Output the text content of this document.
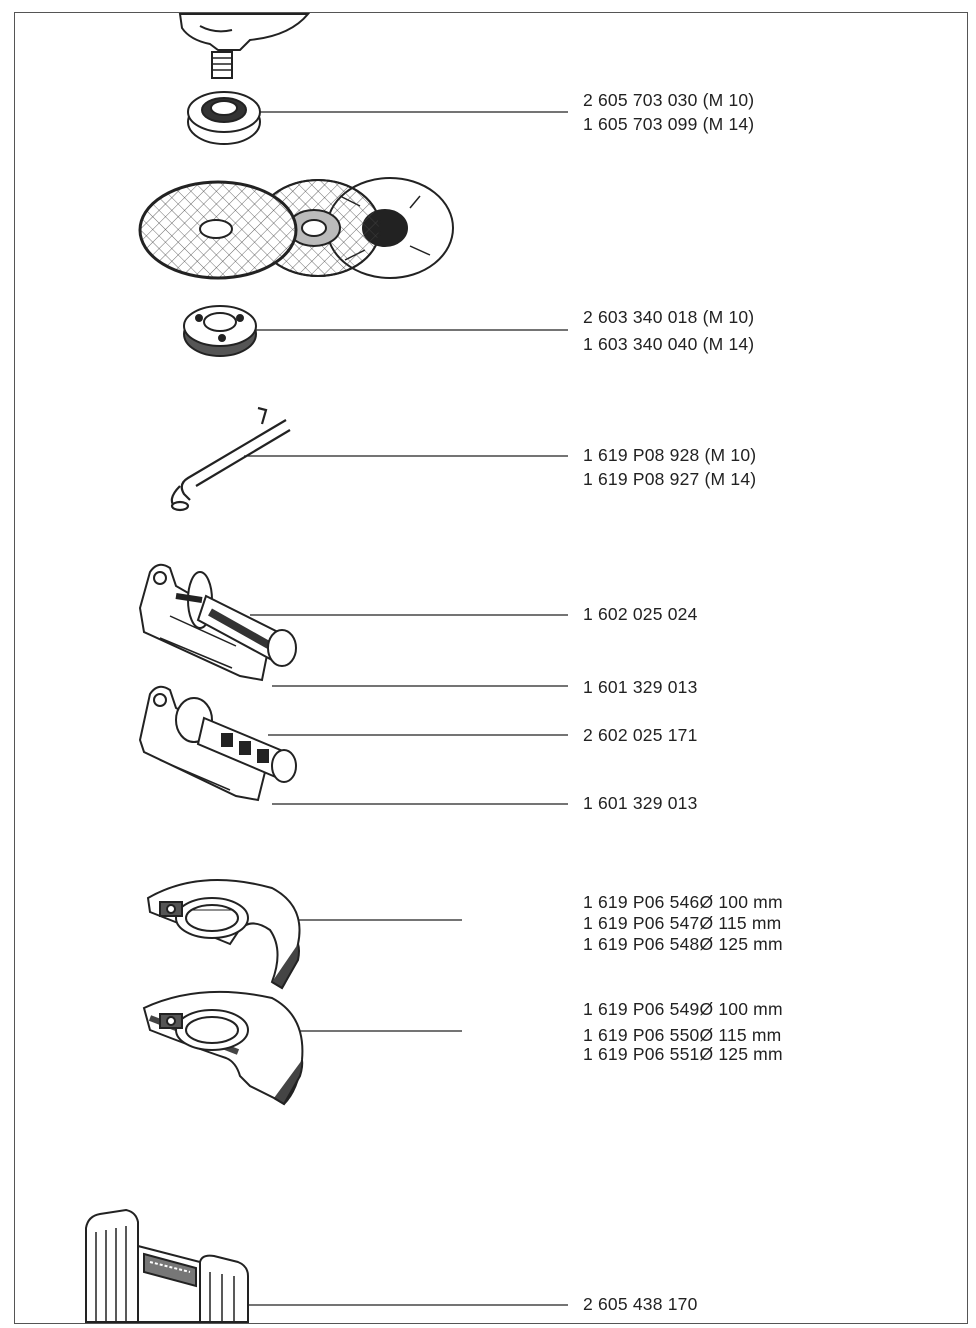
2 605 703 030 (M 10)
1 605 703 099 (M 14)
2 603 340 018 (M 10)
1 603 340 040 (M 14)
1 619 P08 928 (M 10)
1 619 P08 927 (M 14)
1 602 025 024
1 601 329 013
2 602 025 171
1 601 329 013
1 619 P06 546Ø 100 mm
1 619 P06 547Ø 115 mm
1 619 P06 548Ø 125 mm
1 619 P06 549Ø 100 mm
1 619 P06 550Ø 115 mm
1 619 P06 551Ø 125 mm
2 605 438 170
